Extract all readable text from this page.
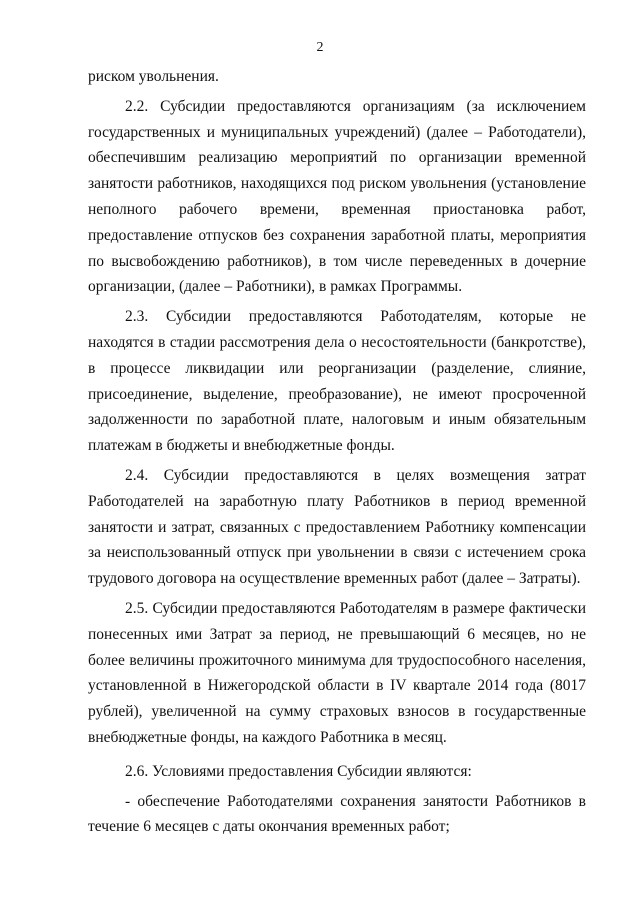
2

риском увольнения.

2.2. Субсидии предоставляются организациям (за исключением государственных и муниципальных учреждений) (далее – Работодатели), обеспечившим реализацию мероприятий по организации временной занятости работников, находящихся под риском увольнения (установление неполного рабочего времени, временная приостановка работ, предоставление отпусков без сохранения заработной платы, мероприятия по высвобождению работников), в том числе переведенных в дочерние организации, (далее – Работники), в рамках Программы.

2.3. Субсидии предоставляются Работодателям, которые не находятся в стадии рассмотрения дела о несостоятельности (банкротстве), в процессе ликвидации или реорганизации (разделение, слияние, присоединение, выделение, преобразование), не имеют просроченной задолженности по заработной плате, налоговым и иным обязательным платежам в бюджеты и внебюджетные фонды.

2.4. Субсидии предоставляются в целях возмещения затрат Работодателей на заработную плату Работников в период временной занятости и затрат, связанных с предоставлением Работнику компенсации за неиспользованный отпуск при увольнении в связи с истечением срока трудового договора на осуществление временных работ (далее – Затраты).

2.5. Субсидии предоставляются Работодателям в размере фактически понесенных ими Затрат за период, не превышающий 6 месяцев, но не более величины прожиточного минимума для трудоспособного населения, установленной в Нижегородской области в IV квартале 2014 года (8017 рублей), увеличенной на сумму страховых взносов в государственные внебюджетные фонды, на каждого Работника в месяц.

2.6. Условиями предоставления Субсидии являются:

- обеспечение Работодателями сохранения занятости Работников в течение 6 месяцев с даты окончания временных работ;
